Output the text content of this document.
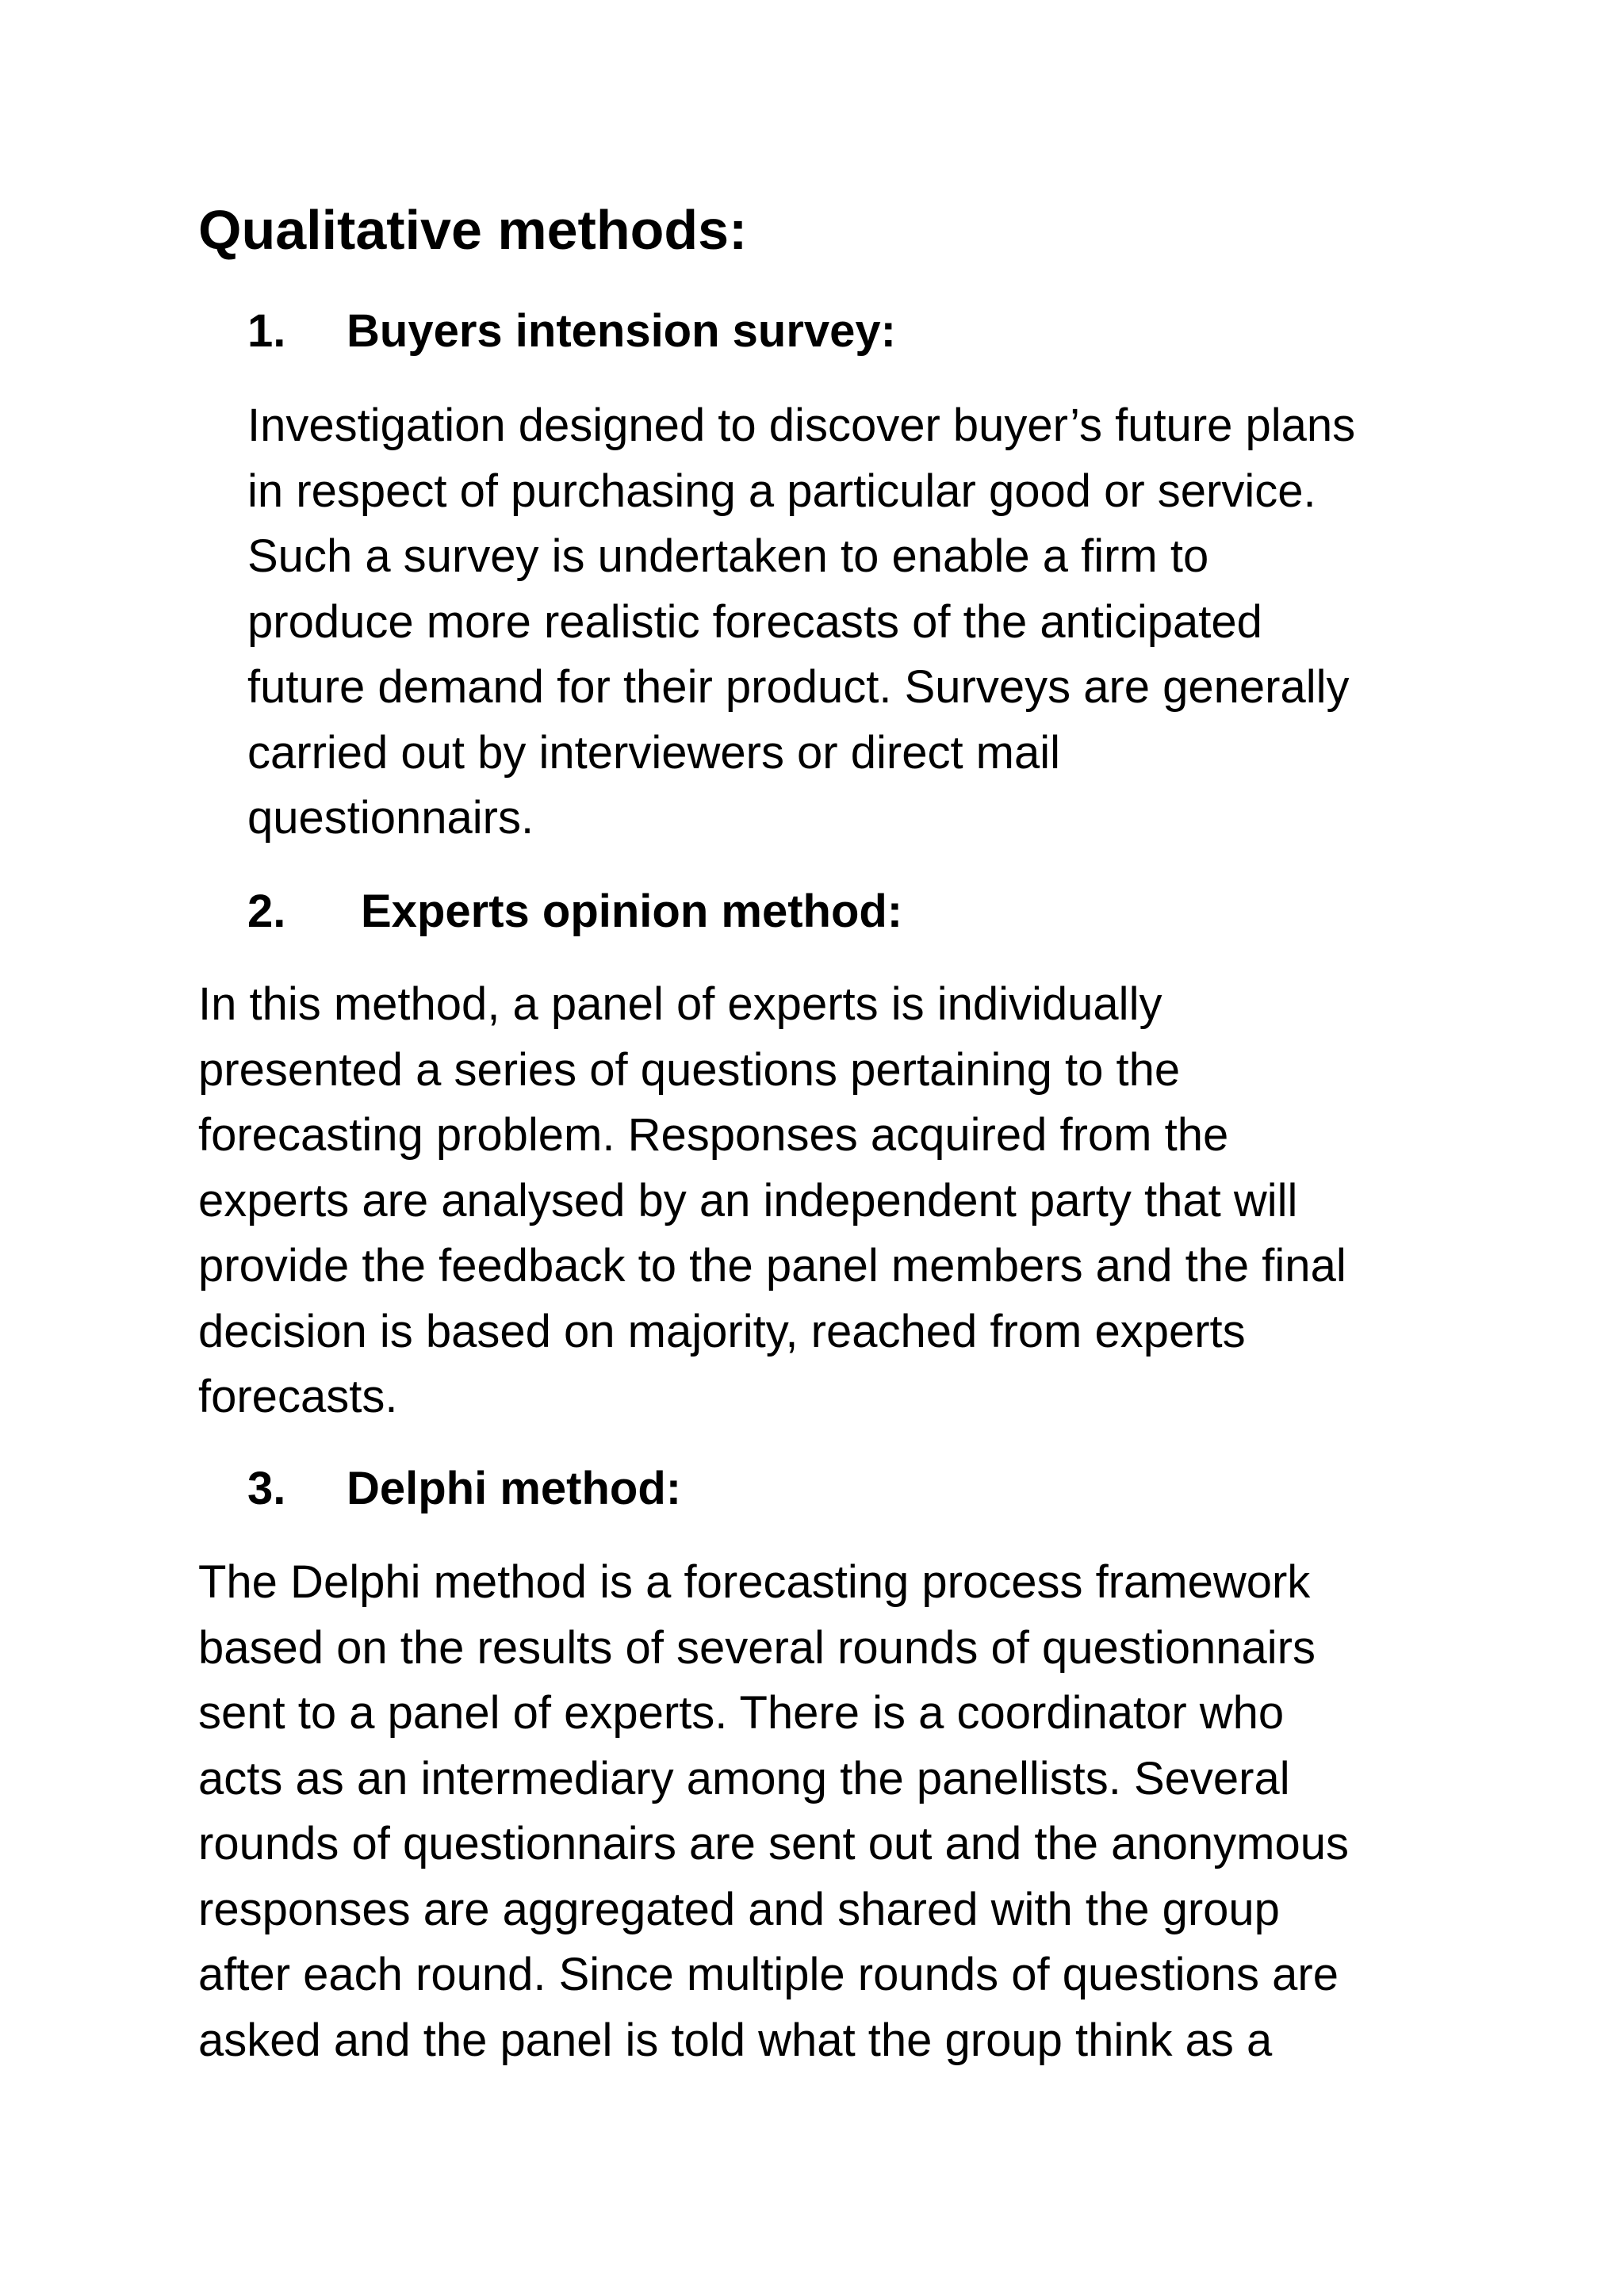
Qualitative methods:
1. Buyers intension survey:
Investigation designed to discover buyer’s future plans
in respect of purchasing a particular good or service.
Such a survey is undertaken to enable a firm to
produce more realistic forecasts of the anticipated
future demand for their product. Surveys are generally
carried out by interviewers or direct mail
questionnairs.
2. Experts opinion method:
In this method, a panel of experts is individually
presented a series of questions pertaining to the
forecasting problem. Responses acquired from the
experts are analysed by an independent party that will
provide the feedback to the panel members and the final
decision is based on majority, reached from experts
forecasts.
3. Delphi method:
The Delphi method is a forecasting process framework
based on the results of several rounds of questionnairs
sent to a panel of experts. There is a coordinator who
acts as an intermediary among the panellists. Several
rounds of questionnairs are sent out and the anonymous
responses are aggregated and shared with the group
after each round. Since multiple rounds of questions are
asked and the panel is told what the group think as a
